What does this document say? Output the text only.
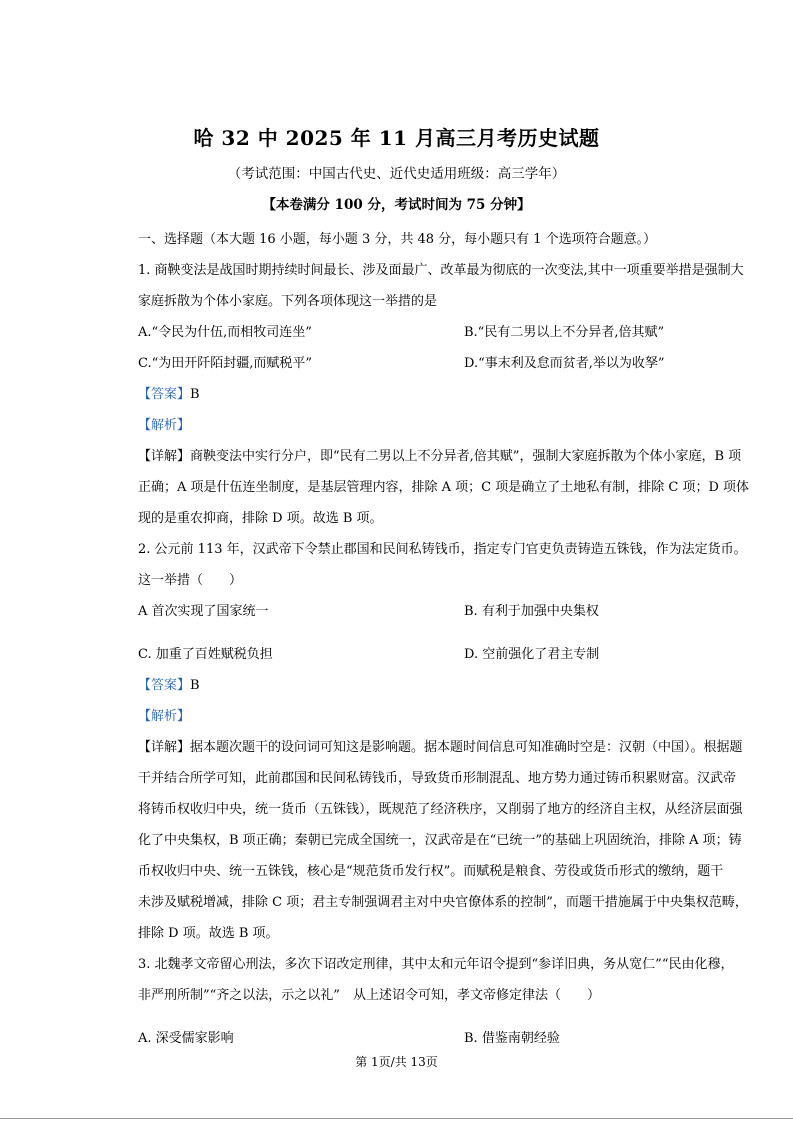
哈 32 中 2025 年 11 月高三月考历史试题
（考试范围：中国古代史、近代史适用班级：高三学年）
【本卷满分 100 分，考试时间为 75 分钟】

一、选择题（本大题 16 小题，每小题 3 分，共 48 分，每小题只有 1 个选项符合题意。）

1. 商鞅变法是战国时期持续时间最长、涉及面最广、改革最为彻底的一次变法,其中一项重要举措是强制大

家庭拆散为个体小家庭。下列各项体现这一举措的是

A.“令民为什伍,而相牧司连坐”	B.“民有二男以上不分异者,倍其赋”
C.“为田开阡陌封疆,而赋税平”	D.“事末利及怠而贫者,举以为收孥”

【答案】B

【解析】

【详解】商鞅变法中实行分户，即“民有二男以上不分异者,倍其赋”，强制大家庭拆散为个体小家庭，B 项

正确；A 项是什伍连坐制度，是基层管理内容，排除 A 项；C 项是确立了土地私有制，排除 C 项；D 项体

现的是重农抑商，排除 D 项。故选 B 项。

2. 公元前 113 年，汉武帝下令禁止郡国和民间私铸钱币，指定专门官吏负责铸造五铢钱，作为法定货币。

这一举措（　　）

A 首次实现了国家统一	B. 有利于加强中央集权
C. 加重了百姓赋税负担	D. 空前强化了君主专制

【答案】B

【解析】

【详解】据本题次题干的设问词可知这是影响题。据本题时间信息可知准确时空是：汉朝（中国）。根据题

干并结合所学可知，此前郡国和民间私铸钱币，导致货币形制混乱、地方势力通过铸币积累财富。汉武帝

将铸币权收归中央，统一货币（五铢钱），既规范了经济秩序，又削弱了地方的经济自主权，从经济层面强

化了中央集权，B 项正确；秦朝已完成全国统一，汉武帝是在“已统一”的基础上巩固统治，排除 A 项；铸

币权收归中央、统一五铢钱，核心是“规范货币发行权”。而赋税是粮食、劳役或货币形式的缴纳，题干

未涉及赋税增减，排除 C 项；君主专制强调君主对中央官僚体系的控制”，而题干措施属于中央集权范畴，

排除 D 项。故选 B 项。

3. 北魏孝文帝留心刑法，多次下诏改定刑律，其中太和元年诏令提到“参详旧典，务从宽仁”“民由化穆，

非严刑所制”“齐之以法，示之以礼”　从上述诏令可知，孝文帝修定律法（　　）

A. 深受儒家影响	B. 借鉴南朝经验
第 1页/共 13页
